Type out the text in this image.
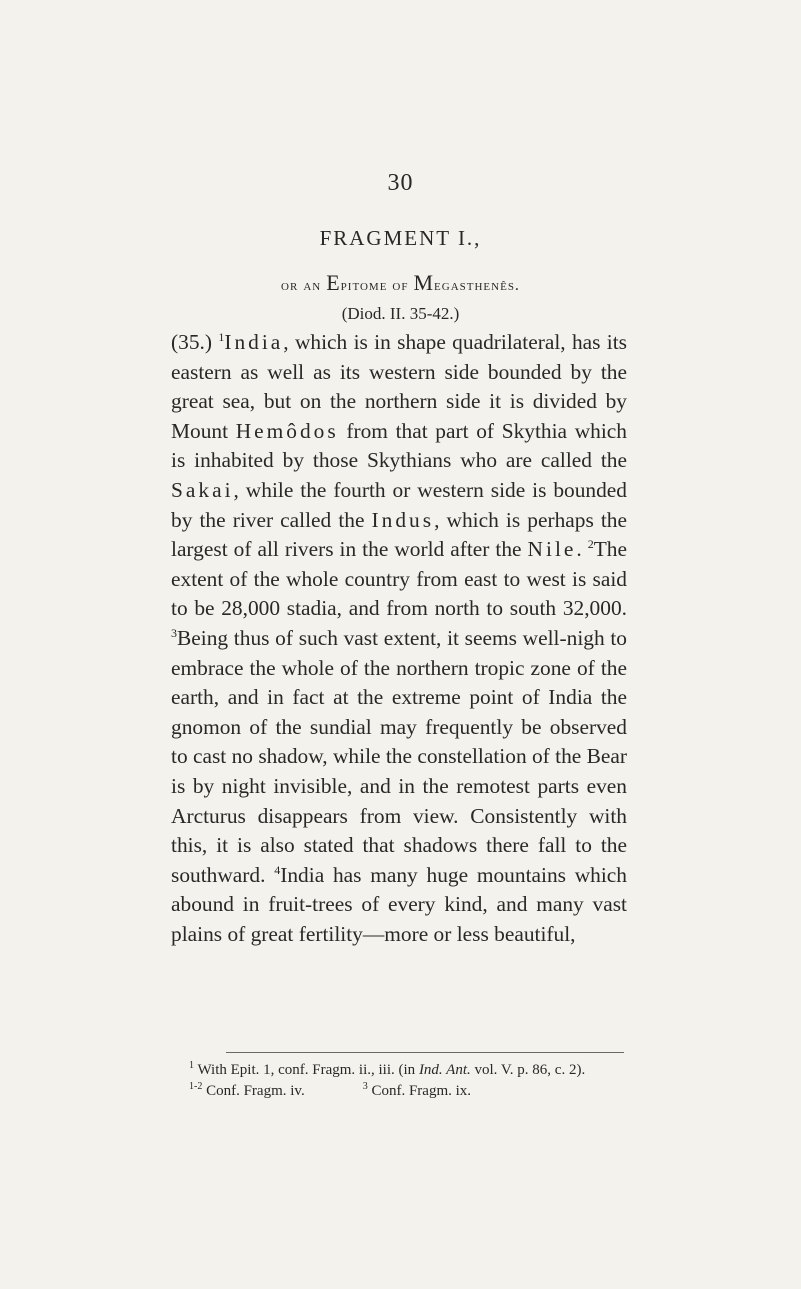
30
FRAGMENT I.,
or an Epitome of Megasthenês.
(Diod. II. 35-42.)

(35.) $^1$India, which is in shape quadrilateral, has its eastern as well as its western side bounded by the great sea, but on the northern side it is divided by Mount Hemôdos from that part of Skythia which is inhabited by those Skythians who are called the Sakai, while the fourth or western side is bounded by the river called the Indus, which is perhaps the largest of all rivers in the world after the Nile. $^2$The extent of the whole country from east to west is said to be 28,000 stadia, and from north to south 32,000. $^3$Being thus of such vast extent, it seems well-nigh to embrace the whole of the northern tropic zone of the earth, and in fact at the extreme point of India the gnomon of the sundial may frequently be observed to cast no shadow, while the constellation of the Bear is by night invisible, and in the remotest parts even Arcturus disappears from view. Consistently with this, it is also stated that shadows there fall to the southward. $^4$India has many huge mountains which abound in fruit-trees of every kind, and many vast plains of great fertility—more or less beautiful,

$^1$ With Epit. 1, conf. Fragm. ii., iii. (in Ind. Ant. vol. V. p. 86, c. 2).

$^{1-2}$ Conf. Fragm. iv.	$^3$ Conf. Fragm. ix.
